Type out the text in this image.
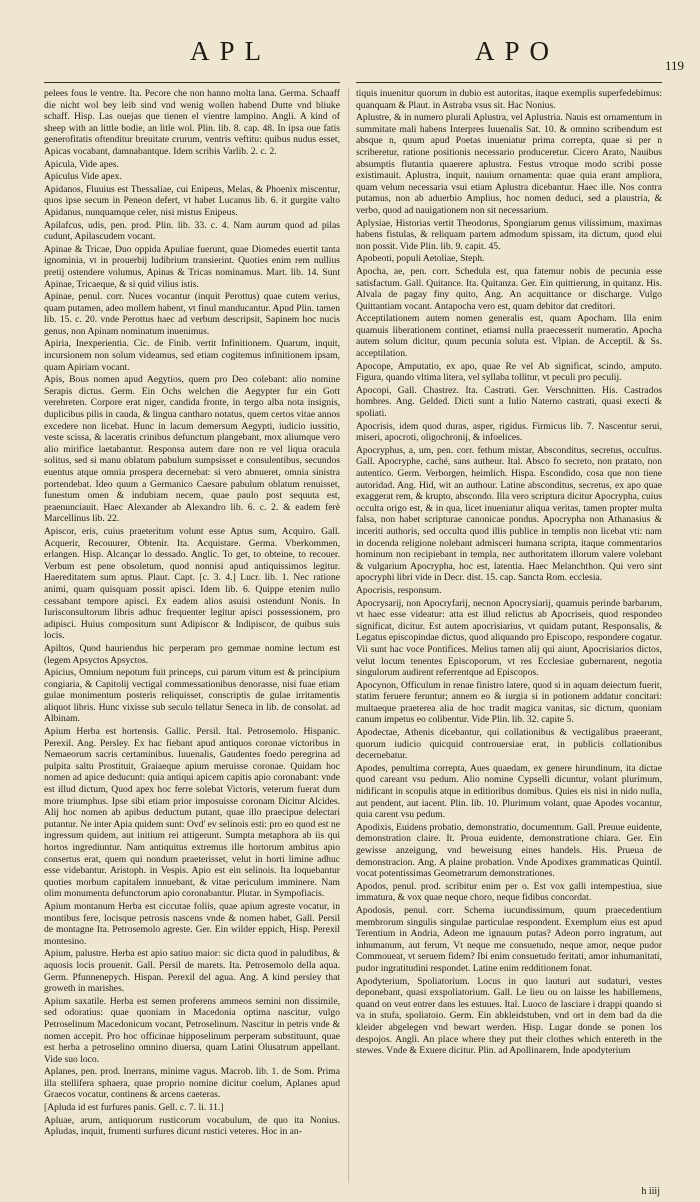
APL	APO	119

pelees fous le ventre. Ita. Pecore che non hanno molta lana. Germa. Schaaff die nicht wol bey leib sind vnd wenig wollen habend Dutte vnd bliuke schaff. Hisp. Las ouejas que tienen el vientre lampino. Angli. A kind of sheep with an little bodie, an litle wol. Plin. lib. 8. cap. 48. In ipsa oue fatis generofitatis oftenditur breuitate crurum, ventris veftitu: quibus nudus esset, Apicas vocabant, damnabantque. Idem scribis Varlib. 2. c. 2.

Apicula, Vide apes.

Apiculus Vide apex.

Apidanos, Fluuius est Thessaliae, cui Enipeus, Melas, & Phoenix miscentur, quos ipse secum in Peneon defert, vt habet Lucanus lib. 6. it gurgite valto Apidanus, nunquamque celer, nisi mistus Enipeus.

Apilafcus, udis, pen. prod. Plin. lib. 33. c. 4. Nam aurum quod ad pilas cudunt, Apilascudem vocant.

Apinae & Tricae, Duo oppida Apuliae fuerunt, quae Diomedes euertit tanta ignominia, vt in prouerbij ludibrium transierint. Quoties enim rem nullius pretij ostendere volumus, Apinas & Tricas nominamus. Mart. lib. 14. Sunt Apinae, Tricaeque, & si quid vilius istis.

Apinae, penul. corr. Nuces vocantur (inquit Perottus) quae cutem verius, quam putamen, adeo mollem habent, vt finul manducantur. Apud Plin. tamen lib. 15. c. 20. vnde Perottus haec ad verbum descripsit, Sapinem hoc nucis genus, non Apinam nominatum inuenimus.

Apiria, Inexperientia. Cic. de Finib. vertit Infinitionem. Quarum, inquit, incursionem non solum videamus, sed etiam cogitemus infinitionem ipsam, quam Apiriam vocant.

Apis, Bous nomen apud Aegytios, quem pro Deo colebant: alio nomine Serapis dictus. Germ. Ein Ochs welchen die Aegypter fur ein Gott verehreten. Corpore erat niger, candida fronte, in tergo alba nota insignis, duplicibus pilis in cauda, & lingua cantharo notatus, quem certos vitae annos excedere non licebat. Hunc in lacum demersum Aegypti, iudicio iussitio, veste scissa, & laceratis crinibus defunctum plangebant, mox aliumque vero alio mirifice laetabantur. Responsa autem dare non re vel liqua oracula solitus, sed si manu oblatum pabulum sumpsisset e consulentibus, secundos euentus atque omnia prospera decernebat: si vero abnueret, omnia sinistra portendebat. Ideo quum a Germanico Caesare pabulum oblatum renuisset, funestum omen & indubiam necem, quae paulo post sequuta est, praenunciauit. Haec Alexander ab Alexandro lib. 6. c. 2. & eadem ferè Marcellinus lib. 22.

Apiscor, eris, cuius praeteritum volunt esse Aptus sum, Acquiro. Gall. Acquerir, Recouurer, Obtenir. Ita. Acquistare. Germa. Vberkommen, erlangen. Hisp. Alcançar lo dessado. Anglic. To get, to obteine, to recouer. Verbum est pene obsoletum, quod nonnisi apud antiquissimos legitur. Haereditatem sum aptus. Plaut. Capt. [c. 3. 4.] Lucr. lib. 1. Nec ratione animi, quam quisquam possit apisci. Idem lib. 6. Quippe etenim nullo cessabant tempore apisci. Ex eadem alios asuisi ostendunt Nonis. In Iurisconsultorum libris adhuc frequenter legitur apisci possessionem, pro adipisci. Huius compositum sunt Adipiscor & Indipiscor, de quibus suis locis.

Apiltos, Quod hauriendus hic perperam pro gemmae nomine lectum est (legem Apsyctos Apsyctos.

Apicius, Omnium nepotum fuit princeps, cui parum vitum est & principium congiaria, & Capitolij vectigal commessationibus denorasse, nisi fuae etiam gulae monimentum posteris reliquisset, conscriptis de gulae irritamentis aliquot libris. Hunc vixisse sub seculo tellatur Seneca in lib. de consolat. ad Albinam.

Apium Herba est hortensis. Gallic. Persil. Ital. Petrosemolo. Hispanic. Perexil. Ang. Persley. Ex hac fiebant apud antiquos coronae victoribus in Nemaeorum sacris certaminibus. Iuuenalis, Gaudentes foedo peregrina ad pulpita saltu Prostituit, Graiaeque apium meruisse coronae. Quidam hoc nomen ad apice deducunt: quia antiqui apicem capitis apio coronabant: vnde est illud dictum, Quod apex hoc ferre solebat Victoris, veterum fuerat dum more triumphus. Ipse sibi etiam prior imposuisse coronam Dicitur Alcides. Alij hoc nomen ab apibus deductum putant, quae illo praecipue delectari putantur. Ne inter Apia quidem sunt: Ovd' ev selinois esti: pro eo quod est ne ingressum quidem, aut initium rei attigerunt. Sumpta metaphora ab iis qui hortos ingrediuntur. Nam antiquitus extremus ille hortorum ambitus apio consertus erat, quem qui nondum praeterisset, velut in horti limine adhuc esse videbantur. Aristoph. in Vespis. Apio est ein selinois. Ita loquebantur quoties morbum capitalem innuebant, & vitae periculum imminere. Nam olim monumenta defunctorum apio coronabantur. Plutar. in Sympofiacis.

Apium montanum Herba est ciccutae foliis, quae apium agreste vocatur, in montibus fere, locisque petrosis nascens vnde & nomen habet, Gall. Persil de montagne Ita. Petrosemolo agreste. Ger. Ein wilder eppich, Hisp. Perexil montesino.

Apium, palustre. Herba est apio satiuo maior: sic dicta quod in paludibus, & aquosis locis prouenit. Gall. Persil de marets. Ita. Petrosemolo della aqua. Germ. Pfunnenepych. Hispan. Perexil del agua. Ang. A kind persley that groweth in marishes.

Apium saxatile. Herba est semen proferens ammeos semini non dissimile, sed odoratius: quae quoniam in Macedonia optima nascitur, vulgo Petroselinum Macedonicum vocant, Petroselinum. Nascitur in petris vnde & nomen accepit. Pro hoc officinae hipposelinum perperam substituunt, quae est herba a petroselino omnino diuersa, quam Latini Olusatrum appellant. Vide suo loco.

Aplanes, pen. prod. Inerrans, minime vagus. Macrob. lib. 1. de Som. Prima illa stellifera sphaera, quae proprio nomine dicitur coelum, Aplanes apud Graecos vocatur, continens & arcens caeteras.

[Apluda id est furfures panis. Gell. c. 7. li. 11.]

Apluae, arum, antiquorum rusticorum vocabulum, de quo ita Nonius. Apludas, inquit, frumenti surfures dicunt rustici veteres. Hoc in an-

tiquis inuenitur quorum in dubio est autoritas, itaque exemplis superfedebimus: quanquam & Plaut. in Astraba vsus sit. Hac Nonius.

Aplustre, & in numero plurali Aplustra, vel Aplustria. Nauis est ornamentum in summitate mali habens Interpres Iuuenalis Sat. 10. & omnino scribendum est absque n, quum apud Poetas inueniatur prima correpta, quae si per n scriberetur, ratione positionis necessario produceretur. Cicero Arato, Nauibus absumptis flutantia quaerere aplustra. Festus vtroque modo scribi posse existimauit. Aplustra, inquit, nauium ornamenta: quae quia erant ampliora, quam velum necessaria vsui etiam Aplustra dicebantur. Haec ille. Nos contra putamus, non ab aduerbio Amplius, hoc nomen deduci, sed a plaustria, & verbo, quod ad nauigationem non sit necessarium.

Aplysiae, Historias vertit Theodorus, Spongiarum genus vilissimum, maximas habens fistulas, & reliquam partem admodum spissam, ita dictum, quod elui non possit. Vide Plin. lib. 9. capit. 45.

Apobeoti, populi Aetoliae, Steph.

Apocha, ae, pen. corr. Schedula est, qua fatemur nobis de pecunia esse satisfactum. Gall. Quitance. Ita. Quitanza. Ger. Ein quittierung, in quitanz. His. Alvala de pagay finy quito, Ang. An acquittance or discharge. Vulgo Quittantiam vocant. Antapocha vero est, quam debitor dat creditori.

Acceptilationem autem nomen generalis est, quam Apocham. Illa enim quamuis liberationem continet, etiamsi nulla praecesserit numeratio. Apocha autem solum dicitur, quum pecunia soluta est. Vlpian. de Acceptil. & Ss. acceptilation.

Apocope, Amputatio, ex apo, quae Re vel Ab significat, scindo, amputo. Figura, quando vltima litera, vel syllaba tollitur, vt peculi pro peculij.

Apocopi, Gall. Chastrez. Ita. Castrati. Ger. Verschnitten. His. Castrados hombres. Ang. Gelded. Dicti sunt a Iulio Naterno castrati, quasi execti & spoliati.

Apocrisis, idem quod duras, asper, rigidus. Firmicus lib. 7. Nascentur serui, miseri, apocroti, oligochronij, & infoelices.

Apocryphus, a, um, pen. corr. fethum mistar, Absconditus, secretus, occultus. Gall. Apocryphe, caché, sans autheur. Ital. Absco fo secreto, non pratato, non autentico. Germ. Verborgen, heimlich. Hispa. Escondido, cosa que non tiene autoridad. Ang. Hid, wit an authour. Latine absconditus, secretus, ex apo quae exaggerat rem, & krupto, abscondo. Illa vero scriptura dicitur Apocrypha, cuius occulta origo est, & in qua, licet inueniatur aliqua veritas, tamen propter multa falsa, non habet scripturae canonicae pondus. Apocrypha non Athanasius & inceriti authoris, sed occulta quod illis publice in templis non licebat vti: nam in docenda religione nolebant admisceri humana scripta, itaque commentarios hominum non recipiebant in templa, nec authoritatem illorum valere volebant & vulgarium Apocrypha, hoc est, latentia. Haec Melanchthon. Qui vero sint apocryphi libri vide in Decr. dist. 15. cap. Sancta Rom. ecclesia.

Apocrisis, responsum.

Apocrysarij, non Apocryfarij, necnon Apocrysiarij, quamuis perinde barbarum, vt haec esse videatur: atta est illud relictus ab Apocriseis, quod respondeo significat, dicitur. Est autem apocrisiarius, vt quidam putant, Responsalis, & Legatus episcopindae dictus, quod aliquando pro Episcopo, respondere cogatur. Vii sunt hac voce Pontifices. Melius tamen alij qui aiunt, Apocrisiarios dictos, velut locum tenentes Episcoporum, vt res Ecclesiae gubernarent, negotia singulorum audirent referrentque ad Episcopos.

Apocynon, Officulum in renae finistro latere, quod si in aquam deiectum fuerit, statim feruere feruntur; annem eo & iurgia si in potionem addatur concitari: multaeque praeterea alia de hoc tradit magica vanitas, sic dictum, quoniam canum impetus eo colibentur. Vide Plin. lib. 32. capite 5.

Apodectae, Athenis dicebantur, qui collationibus & vectigalibus praeerant, quorum iudicio quicquid controuersiae erat, in publicis collationibus decernebatur.

Apodes, penultima correpta, Aues quaedam, ex genere hirundinum, ita dictae quod careant vsu pedum. Alio nomine Cypselli dicuntur, volant plurimum, nidificant in scopulis atque in editioribus domibus. Quies eis nisi in nido nulla, aut pendent, aut iacent. Plin. lib. 10. Plurimum volant, quae Apodes vocantur, quia carent vsu pedum.

Apodixis, Euidens probatio, demonstratio, documentum. Gall. Preuue euidente, demonstration claire. It. Proua euidente, demonstratione chiara. Ger. Ein gewisse anzeigung, vnd beweisung eines handels. His. Prueua de demonstracion. Ang. A plaine probation. Vnde Apodixes grammaticas Quintil. vocat potentissimas Geometrarum demonstrationes.

Apodos, penul. prod. scribitur enim per o. Est vox galli intempestiua, siue immatura, & vox quae neque choro, neque fidibus concordat.

Apodosis, penul. corr. Schema iucundissimum, quum praecedentium membrorum singulis singulae particulae respondent. Exemplum eius est apud Terentium in Andria, Adeon me ignauum putas? Adeon porro ingratum, aut inhumanum, aut ferum, Vt neque me consuetudo, neque amor, neque pudor Commoueat, vt seruem fidem? Ibi enim consuetudo feritati, amor inhumanitati, pudor ingratitudini respondet. Latine enim redditionem fonat.

Apodyterium, Spoliatorium. Locus in quo lauturi aut sudaturi, vestes deponebant, quasi exspoliatorium. Gall. Le lieu ou on laisse les habillemens, quand on veut entrer dans les estuues. Ital. Luoco de lasciare i drappi quando si va in stufa, spoliatoio. Germ. Ein abkleidstuben, vnd ort in dem bad da die kleider abgelegen vnd bewart werden. Hisp. Lugar donde se ponen los despojos. Angli. An place where they put their clothes which entereth in the stewes. Vnde & Exuere dicitur. Plin. ad Apollinarem, Inde apodyterium

h iiij
